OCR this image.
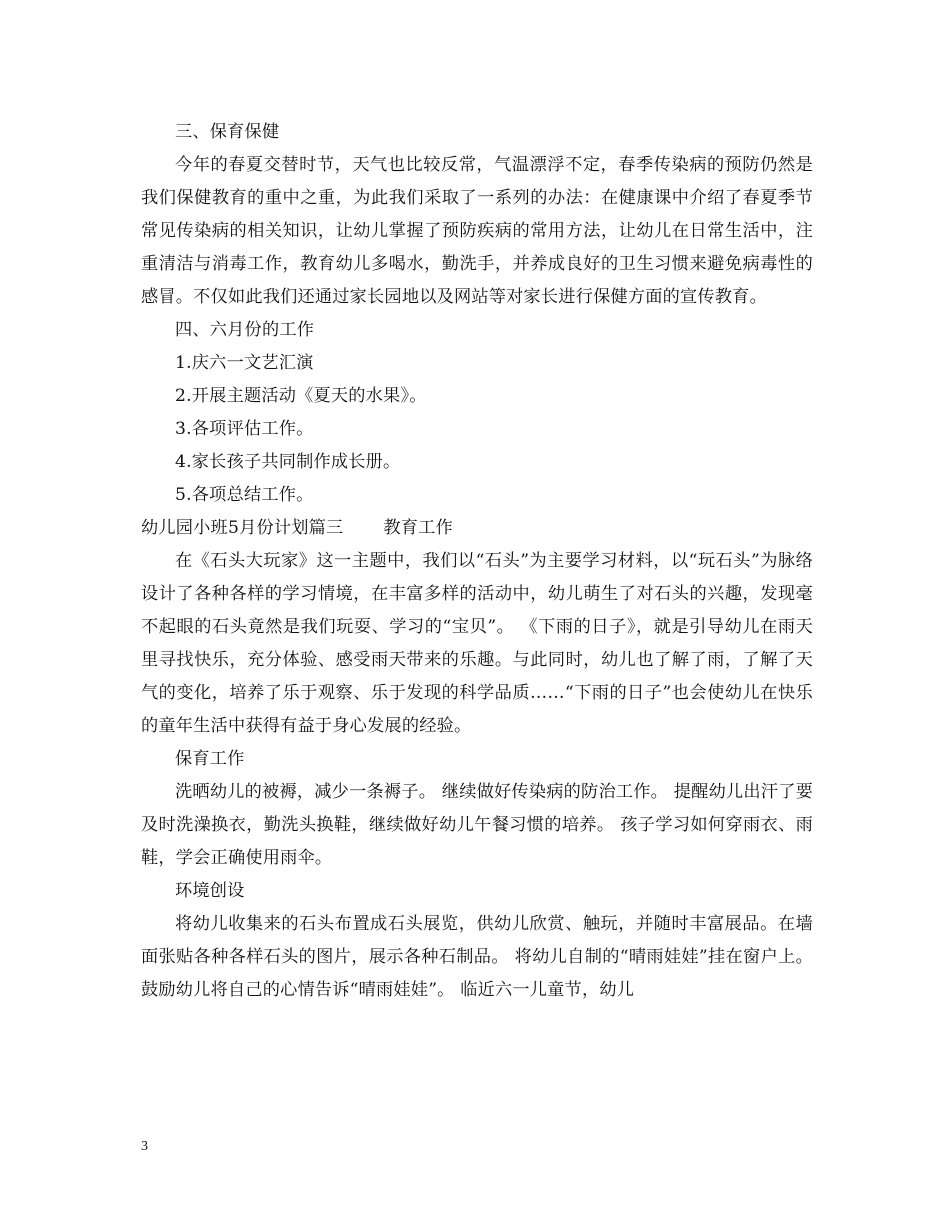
三、保育保健

今年的春夏交替时节，天气也比较反常，气温漂浮不定，春季传染病的预防仍然是我们保健教育的重中之重，为此我们采取了一系列的办法：在健康课中介绍了春夏季节常见传染病的相关知识，让幼儿掌握了预防疾病的常用方法，让幼儿在日常生活中，注重清洁与消毒工作，教育幼儿多喝水，勤洗手，并养成良好的卫生习惯来避免病毒性的感冒。不仅如此我们还通过家长园地以及网站等对家长进行保健方面的宣传教育。

四、六月份的工作

1.庆六一文艺汇演

2.开展主题活动《夏天的水果》。

3.各项评估工作。

4.家长孩子共同制作成长册。

5.各项总结工作。

幼儿园小班5月份计划篇三 教育工作

在《石头大玩家》这一主题中，我们以“石头”为主要学习材料，以“玩石头”为脉络设计了各种各样的学习情境，在丰富多样的活动中，幼儿萌生了对石头的兴趣，发现毫不起眼的石头竟然是我们玩耍、学习的“宝贝”。 《下雨的日子》，就是引导幼儿在雨天里寻找快乐，充分体验、感受雨天带来的乐趣。与此同时，幼儿也了解了雨，了解了天气的变化，培养了乐于观察、乐于发现的科学品质……“下雨的日子”也会使幼儿在快乐的童年生活中获得有益于身心发展的经验。

保育工作

洗晒幼儿的被褥，减少一条褥子。 继续做好传染病的防治工作。 提醒幼儿出汗了要及时洗澡换衣，勤洗头换鞋，继续做好幼儿午餐习惯的培养。 孩子学习如何穿雨衣、雨鞋，学会正确使用雨伞。

环境创设

将幼儿收集来的石头布置成石头展览，供幼儿欣赏、触玩，并随时丰富展品。在墙面张贴各种各样石头的图片，展示各种石制品。 将幼儿自制的“晴雨娃娃”挂在窗户上。鼓励幼儿将自己的心情告诉“晴雨娃娃”。 临近六一儿童节，幼儿

3
